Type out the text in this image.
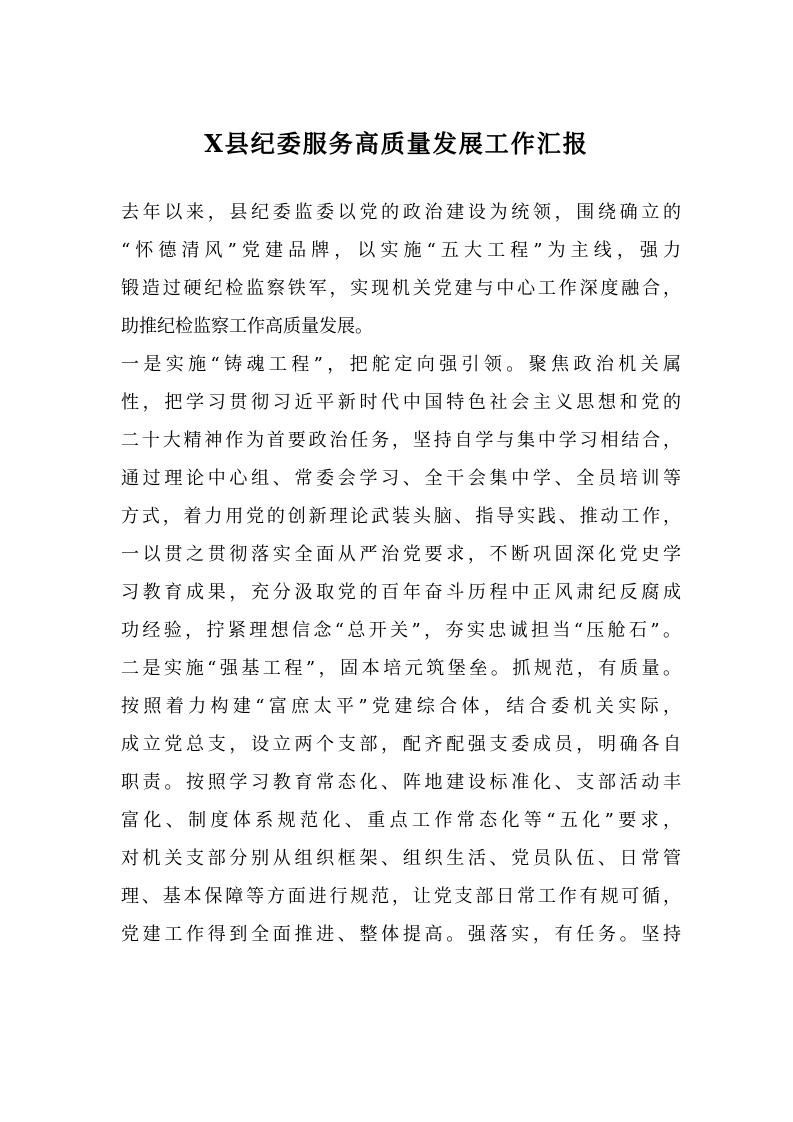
X县纪委服务高质量发展工作汇报
去年以来，县纪委监委以党的政治建设为统领，围绕确立的
“怀德清风”党建品牌，以实施“五大工程”为主线，强力
锻造过硬纪检监察铁军，实现机关党建与中心工作深度融合，
助推纪检监察工作高质量发展。
一是实施“铸魂工程”，把舵定向强引领。聚焦政治机关属
性，把学习贯彻习近平新时代中国特色社会主义思想和党的
二十大精神作为首要政治任务，坚持自学与集中学习相结合，
通过理论中心组、常委会学习、全干会集中学、全员培训等
方式，着力用党的创新理论武装头脑、指导实践、推动工作，
一以贯之贯彻落实全面从严治党要求，不断巩固深化党史学
习教育成果，充分汲取党的百年奋斗历程中正风肃纪反腐成
功经验，拧紧理想信念“总开关”，夯实忠诚担当“压舱石”。
二是实施“强基工程”，固本培元筑堡垒。抓规范，有质量。
按照着力构建“富庶太平”党建综合体，结合委机关实际，
成立党总支，设立两个支部，配齐配强支委成员，明确各自
职责。按照学习教育常态化、阵地建设标准化、支部活动丰
富化、制度体系规范化、重点工作常态化等“五化”要求，
对机关支部分别从组织框架、组织生活、党员队伍、日常管
理、基本保障等方面进行规范，让党支部日常工作有规可循，
党建工作得到全面推进、整体提高。强落实，有任务。坚持
